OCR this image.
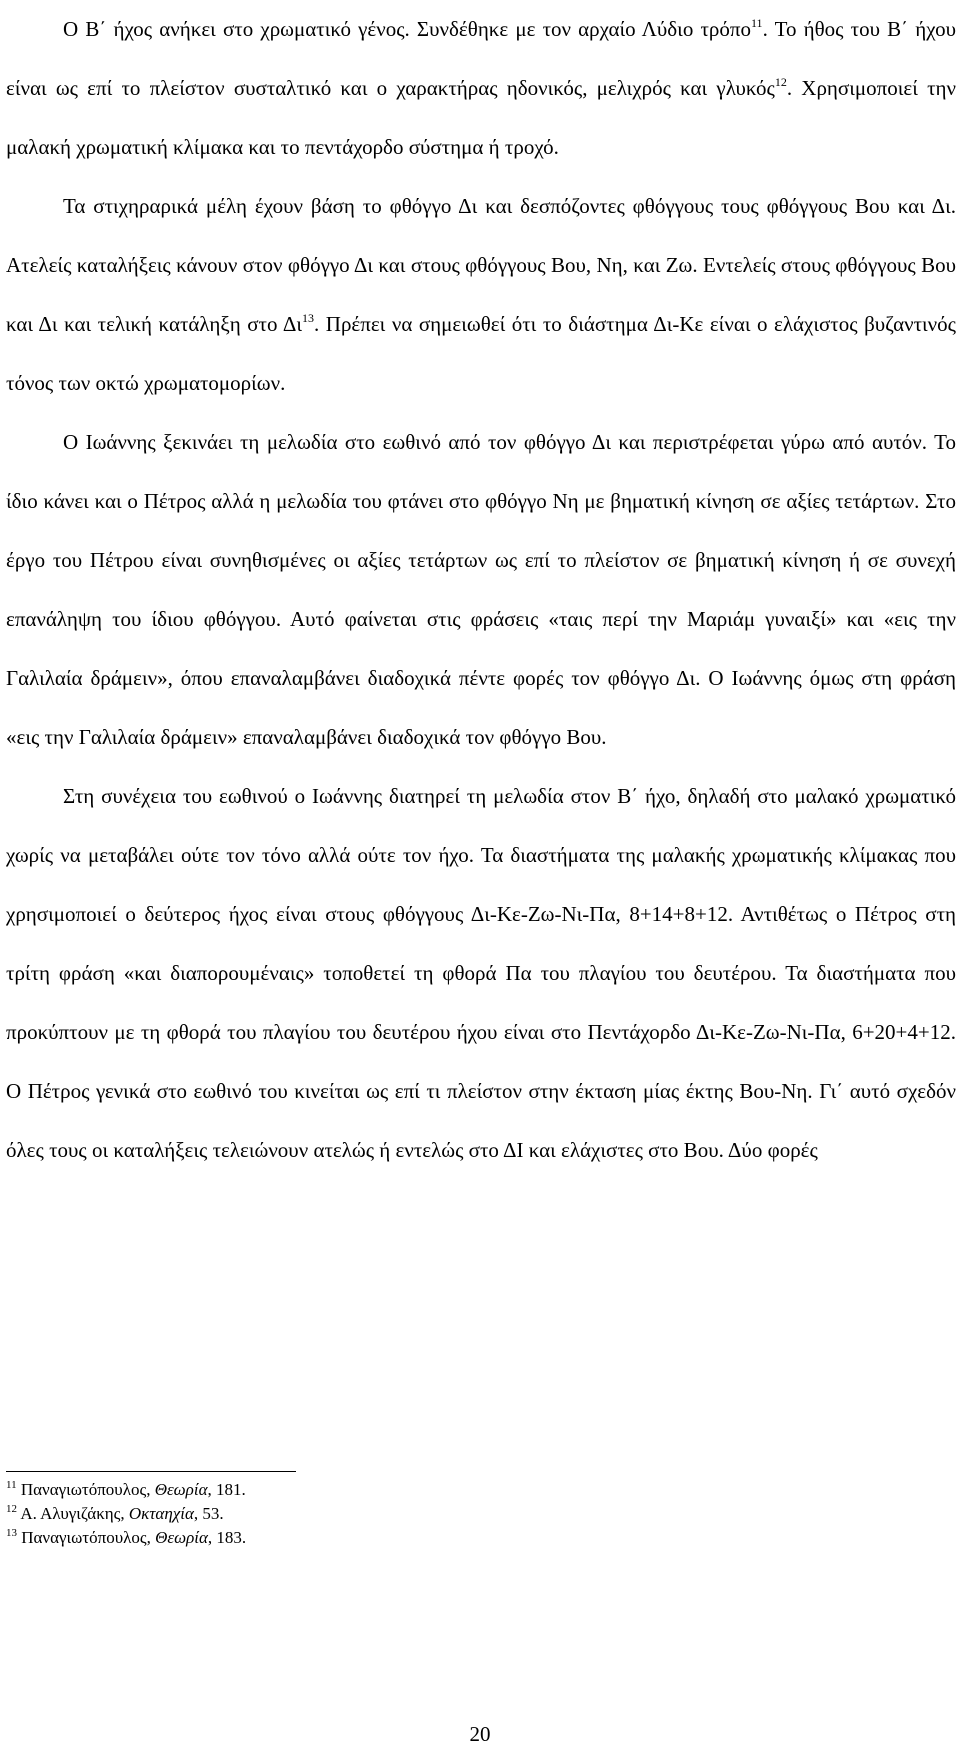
Ο Β΄ ήχος ανήκει στο χρωματικό γένος. Συνδέθηκε με τον αρχαίο Λύδιο τρόπο$^{11}$. Το ήθος του Β΄ ήχου είναι ως επί το πλείστον συσταλτικό και ο χαρακτήρας ηδονικός, μελιχρός και γλυκός$^{12}$. Χρησιμοποιεί την μαλακή χρωματική κλίμακα και το πεντάχορδο σύστημα ή τροχό.

Τα στιχηραρικά μέλη έχουν βάση το φθόγγο Δι και δεσπόζοντες φθόγγους τους φθόγγους Βου και Δι. Ατελείς καταλήξεις κάνουν στον φθόγγο Δι και στους φθόγγους Βου, Νη, και Ζω. Εντελείς στους φθόγγους Βου και Δι και τελική κατάληξη στο $\Delta\iota^{13}$. Πρέπει να σημειωθεί ότι το διάστημα Δι-Κε είναι ο ελάχιστος βυζαντινός τόνος των οκτώ χρωματομορίων.

Ο Ιωάννης ξεκινάει τη μελωδία στο εωθινό από τον φθόγγο Δι και περιστρέφεται γύρω από αυτόν. Το ίδιο κάνει και ο Πέτρος αλλά η μελωδία του φτάνει στο φθόγγο Νη με βηματική κίνηση σε αξίες τετάρτων. Στο έργο του Πέτρου είναι συνηθισμένες οι αξίες τετάρτων ως επί το πλείστον σε βηματική κίνηση ή σε συνεχή επανάληψη του ίδιου φθόγγου. Αυτό φαίνεται στις φράσεις «ταις περί την Μαριάμ γυναιξί» και «εις την Γαλιλαία δράμειν», όπου επαναλαμβάνει διαδοχικά πέντε φορές τον φθόγγο Δι. Ο Ιωάννης όμως στη φράση «εις την Γαλιλαία δράμειν» επαναλαμβάνει διαδοχικά τον φθόγγο Βου.

Στη συνέχεια του εωθινού ο Ιωάννης διατηρεί τη μελωδία στον Β΄ ήχο, δηλαδή στο μαλακό χρωματικό χωρίς να μεταβάλει ούτε τον τόνο αλλά ούτε τον ήχο. Τα διαστήματα της μαλακής χρωματικής κλίμακας που χρησιμοποιεί ο δεύτερος ήχος είναι στους φθόγγους Δι-Κε-Ζω-Νι-Πα, 8+14+8+12. Αντιθέτως ο Πέτρος στη τρίτη φράση «και διαπορουμέναις» τοποθετεί τη φθορά Πα του πλαγίου του δευτέρου. Τα διαστήματα που προκύπτουν με τη φθορά του πλαγίου του δευτέρου ήχου είναι στο Πεντάχορδο Δι-Κε-Ζω-Νι-Πα, 6+20+4+12. Ο Πέτρος γενικά στο εωθινό του κινείται ως επί τι πλείστον στην έκταση μίας έκτης Βου-Νη. Γι΄ αυτό σχεδόν όλες τους οι καταλήξεις τελειώνουν ατελώς ή εντελώς στο ΔΙ και ελάχιστες στο Βου. Δύο φορές

$^{11}$ Παναγιωτόπουλος, Θεωρία, 181.
$^{12}$ Α. Αλυγιζάκης, Οκταηχία, 53.
$^{13}$ Παναγιωτόπουλος, Θεωρία, 183.
20
